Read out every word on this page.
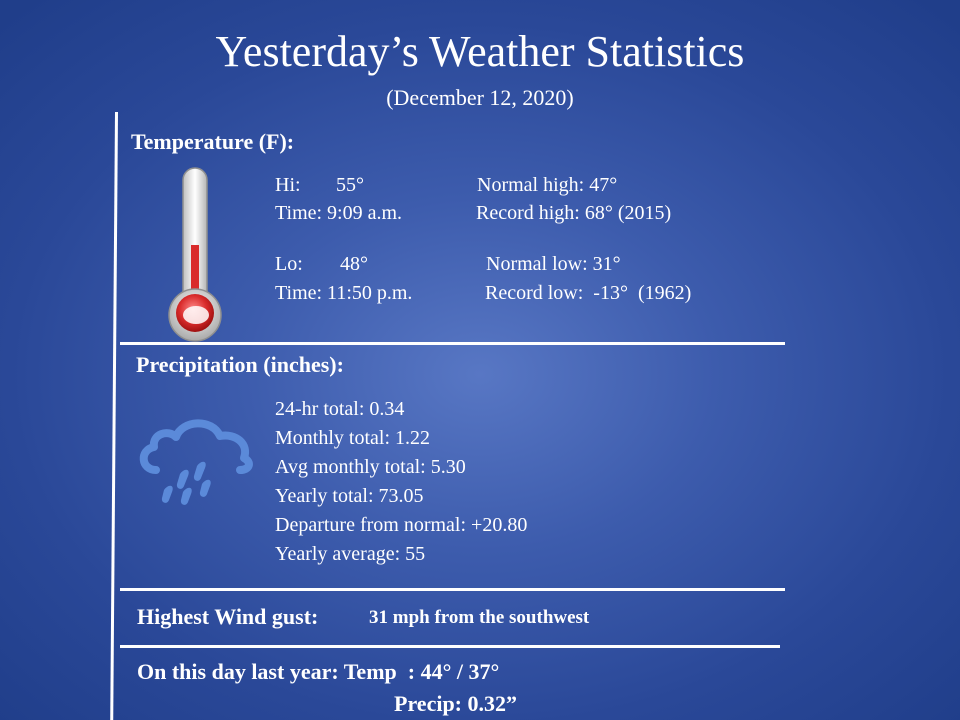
Yesterday’s Weather Statistics
(December 12, 2020)
Temperature (F):
Hi: 55°	Normal high: 47°
Time: 9:09 a.m.	Record high: 68° (2015)
Lo: 48°	Normal low: 31°
Time: 11:50 p.m.	Record low:  -13°  (1962)
Precipitation (inches):
24-hr total: 0.34
Monthly total: 1.22
Avg monthly total: 5.30
Yearly total: 73.05
Departure from normal: +20.80
Yearly average: 55
Highest Wind gust:	31 mph from the southwest
On this day last year: Temp  : 44° / 37°
Precip: 0.32”
